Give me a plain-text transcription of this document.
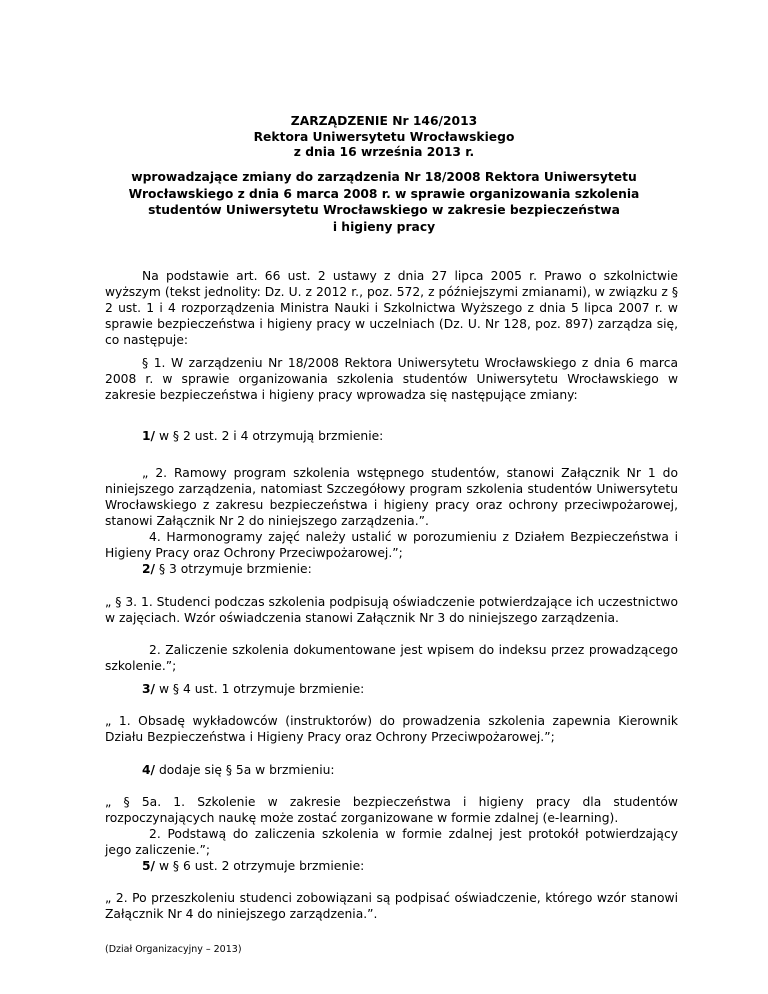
ZARZĄDZENIE Nr 146/2013
Rektora Uniwersytetu Wrocławskiego
z dnia 16 września 2013 r.
wprowadzające zmiany do zarządzenia Nr 18/2008 Rektora Uniwersytetu
Wrocławskiego z dnia 6 marca 2008 r. w sprawie organizowania szkolenia
studentów Uniwersytetu Wrocławskiego w zakresie bezpieczeństwa
i higieny pracy
Na podstawie art. 66 ust. 2 ustawy z dnia 27 lipca 2005 r. Prawo o szkolnictwie wyższym (tekst jednolity: Dz. U. z 2012 r., poz. 572, z późniejszymi zmianami), w związku z § 2 ust. 1 i 4 rozporządzenia Ministra Nauki i Szkolnictwa Wyższego z dnia 5 lipca 2007 r. w sprawie bezpieczeństwa i higieny pracy w uczelniach (Dz. U. Nr 128, poz. 897) zarządza się, co następuje:
§ 1. W zarządzeniu Nr 18/2008 Rektora Uniwersytetu Wrocławskiego z dnia 6 marca 2008 r. w sprawie organizowania szkolenia studentów Uniwersytetu Wrocławskiego w zakresie bezpieczeństwa i higieny pracy wprowadza się następujące zmiany:
1/ w § 2 ust. 2 i 4 otrzymują brzmienie:
„ 2. Ramowy program szkolenia wstępnego studentów, stanowi Załącznik Nr 1 do niniejszego zarządzenia, natomiast Szczegółowy program szkolenia studentów Uniwersytetu Wrocławskiego z zakresu bezpieczeństwa i higieny pracy oraz ochrony przeciwpożarowej, stanowi Załącznik Nr 2 do niniejszego zarządzenia.”.
4. Harmonogramy zajęć należy ustalić w porozumieniu z Działem Bezpieczeństwa i Higieny Pracy oraz Ochrony Przeciwpożarowej.”;
2/ § 3 otrzymuje brzmienie:
„ § 3. 1. Studenci podczas szkolenia podpisują oświadczenie potwierdzające ich uczestnictwo w zajęciach. Wzór oświadczenia stanowi Załącznik Nr 3 do niniejszego zarządzenia.
2. Zaliczenie szkolenia dokumentowane jest wpisem do indeksu przez prowadzącego szkolenie.”;
3/ w § 4 ust. 1 otrzymuje brzmienie:
„ 1. Obsadę wykładowców (instruktorów) do prowadzenia szkolenia zapewnia Kierownik Działu Bezpieczeństwa i Higieny Pracy oraz Ochrony Przeciwpożarowej.”;
4/ dodaje się § 5a w brzmieniu:
„ § 5a. 1. Szkolenie w zakresie bezpieczeństwa i higieny pracy dla studentów rozpoczynających naukę może zostać zorganizowane w formie zdalnej (e-learning).
2. Podstawą do zaliczenia szkolenia w formie zdalnej jest protokół potwierdzający jego zaliczenie.”;
(Dział Organizacyjny – 2013)
5/ w § 6 ust. 2 otrzymuje brzmienie:
„ 2. Po przeszkoleniu studenci zobowiązani są podpisać oświadczenie, którego wzór stanowi Załącznik Nr 4 do niniejszego zarządzenia.”.
